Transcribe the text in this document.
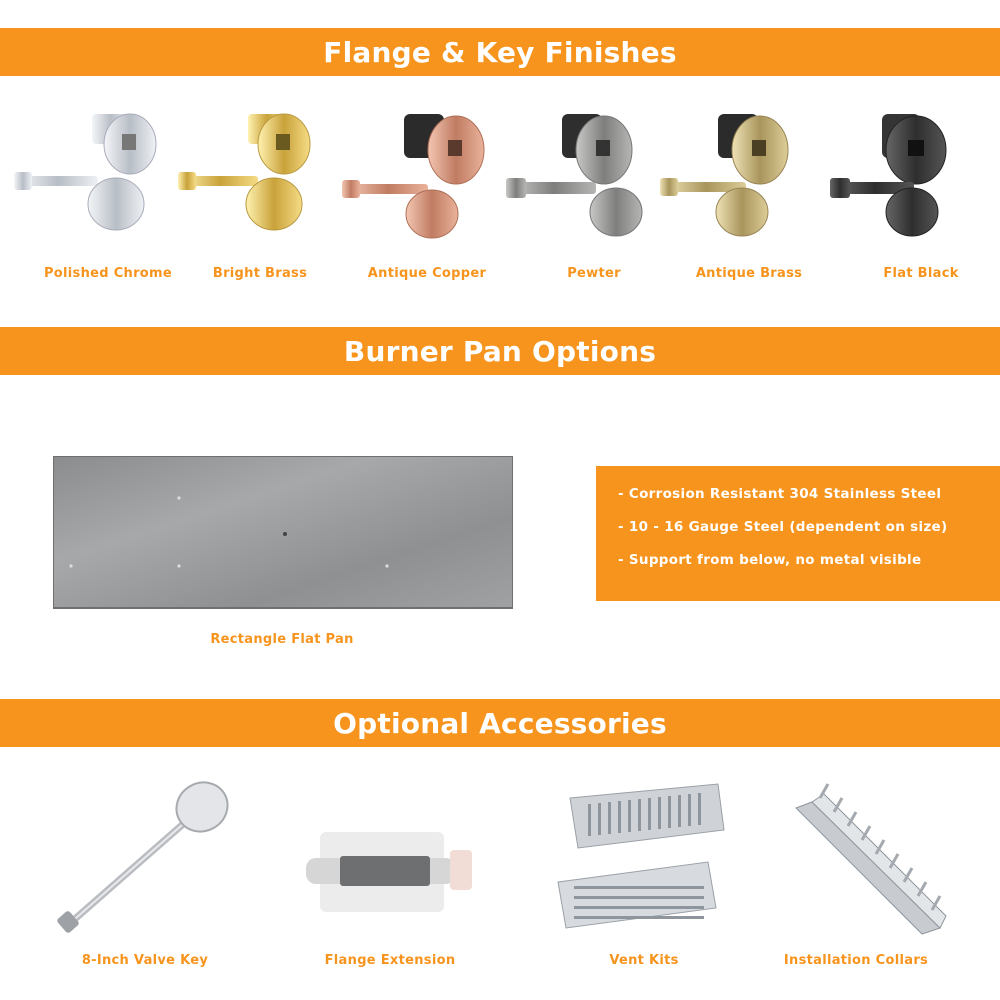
Flange & Key Finishes
Polished Chrome	Bright Brass	Antique Copper	Pewter	Antique Brass	Flat Black
Burner Pan Options
Rectangle Flat Pan
- Corrosion Resistant 304 Stainless Steel
- 10 - 16 Gauge Steel (dependent on size)
- Support from below, no metal visible
Optional Accessories
8-Inch Valve Key	Flange Extension	Vent Kits	Installation Collars
